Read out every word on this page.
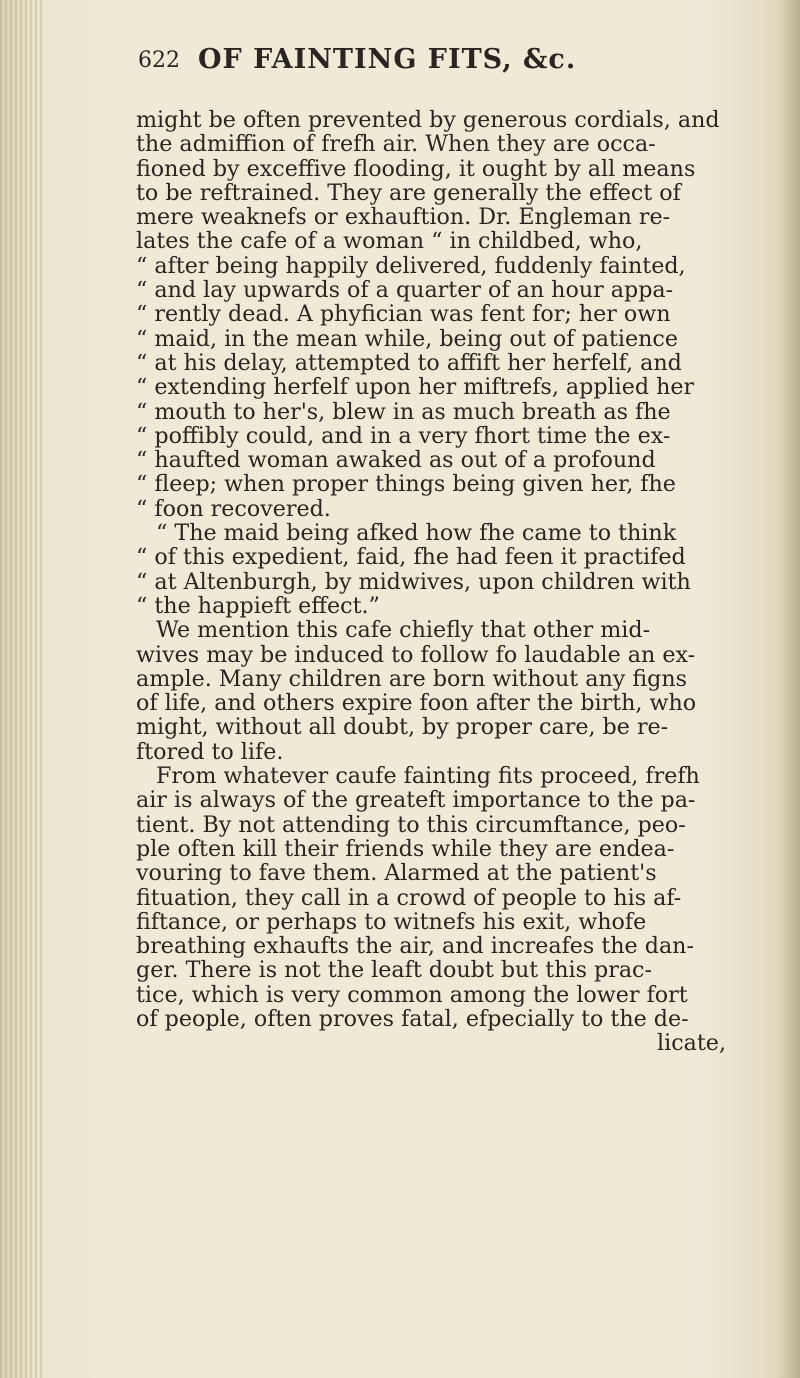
622 OF FAINTING FITS, &c.
might be often prevented by generous cordials, and
the admiffion of frefh air. When they are occa-
fioned by exceffive flooding, it ought by all means
to be reftrained. They are generally the effect of
mere weaknefs or exhauftion. Dr. Engleman re-
lates the cafe of a woman “ in childbed, who,
“ after being happily delivered, fuddenly fainted,
“ and lay upwards of a quarter of an hour appa-
“ rently dead. A phyfician was fent for; her own
“ maid, in the mean while, being out of patience
“ at his delay, attempted to affift her herfelf, and
“ extending herfelf upon her miftrefs, applied her
“ mouth to her's, blew in as much breath as fhe
“ poffibly could, and in a very fhort time the ex-
“ haufted woman awaked as out of a profound
“ fleep; when proper things being given her, fhe
“ foon recovered.
“ The maid being afked how fhe came to think
“ of this expedient, faid, fhe had feen it practifed
“ at Altenburgh, by midwives, upon children with
“ the happieft effect.”
We mention this cafe chiefly that other mid-
wives may be induced to follow fo laudable an ex-
ample. Many children are born without any figns
of life, and others expire foon after the birth, who
might, without all doubt, by proper care, be re-
ftored to life.
From whatever caufe fainting fits proceed, frefh
air is always of the greateft importance to the pa-
tient. By not attending to this circumftance, peo-
ple often kill their friends while they are endea-
vouring to fave them. Alarmed at the patient's
fituation, they call in a crowd of people to his af-
fiftance, or perhaps to witnefs his exit, whofe
breathing exhaufts the air, and increafes the dan-
ger. There is not the leaft doubt but this prac-
tice, which is very common among the lower fort
of people, often proves fatal, efpecially to the de-
licate,
